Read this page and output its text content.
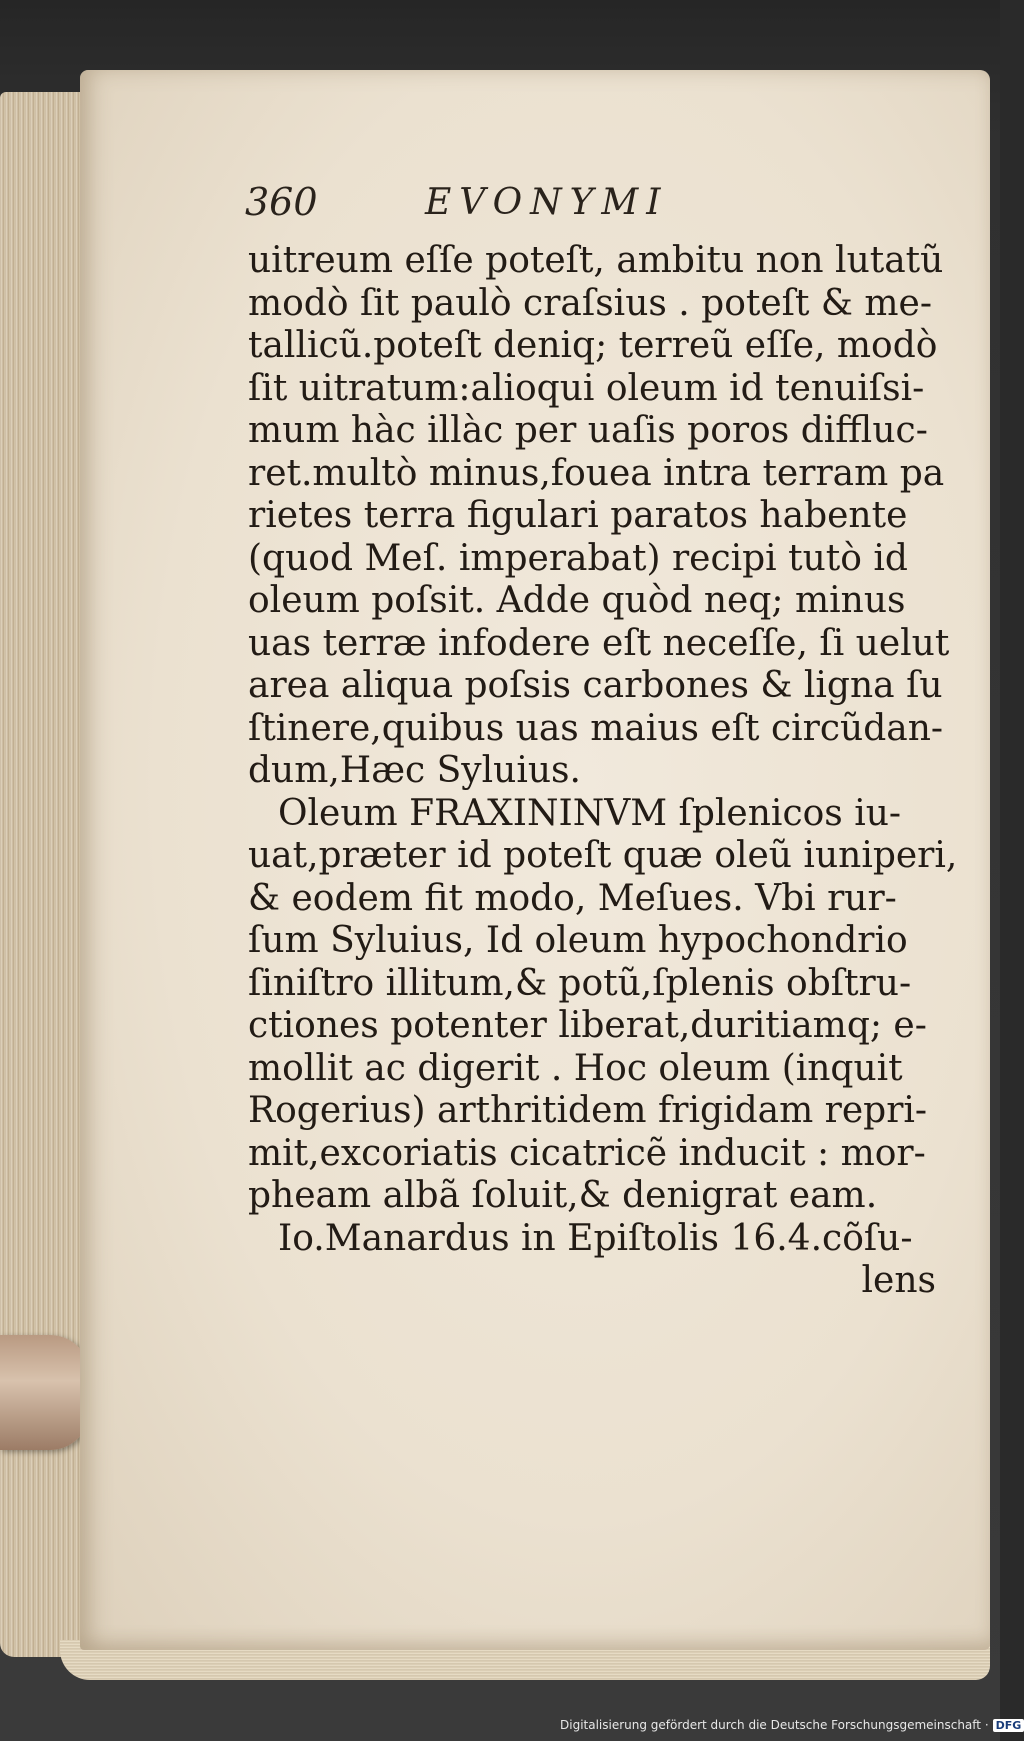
360	EVONYMI
uitreum eſſe poteſt, ambitu non lutatũ
modò ſit paulò craſsius . poteſt & me-
tallicũ.poteſt deniq; terreũ eſſe, modò
ſit uitratum:alioqui oleum id tenuiſsi-
mum hàc illàc per uaſis poros diffluc-
ret.multò minus,fouea intra terram pa
rietes terra figulari paratos habente
(quod Meſ. imperabat) recipi tutò id
oleum poſsit. Adde quòd neq; minus
uas terræ infodere eſt neceſſe, ſi uelut
area aliqua poſsis carbones & ligna ſu
ſtinere,quibus uas maius eſt circũdan-
dum,Hæc Syluius.
Oleum FRAXININVM ſplenicos iu-
uat,præter id poteſt quæ oleũ iuniperi,
& eodem fit modo, Meſues. Vbi rur-
ſum Syluius, Id oleum hypochondrio
ſiniſtro illitum,& potũ,ſplenis obſtru-
ctiones potenter liberat,duritiamq; e-
mollit ac digerit . Hoc oleum (inquit
Rogerius) arthritidem frigidam repri-
mit,excoriatis cicatricẽ inducit : mor-
pheam albã ſoluit,& denigrat eam.
Io.Manardus in Epiſtolis 16.4.cõſu-
lens
Digitalisierung gefördert durch die Deutsche Forschungsgemeinschaft · DFG
